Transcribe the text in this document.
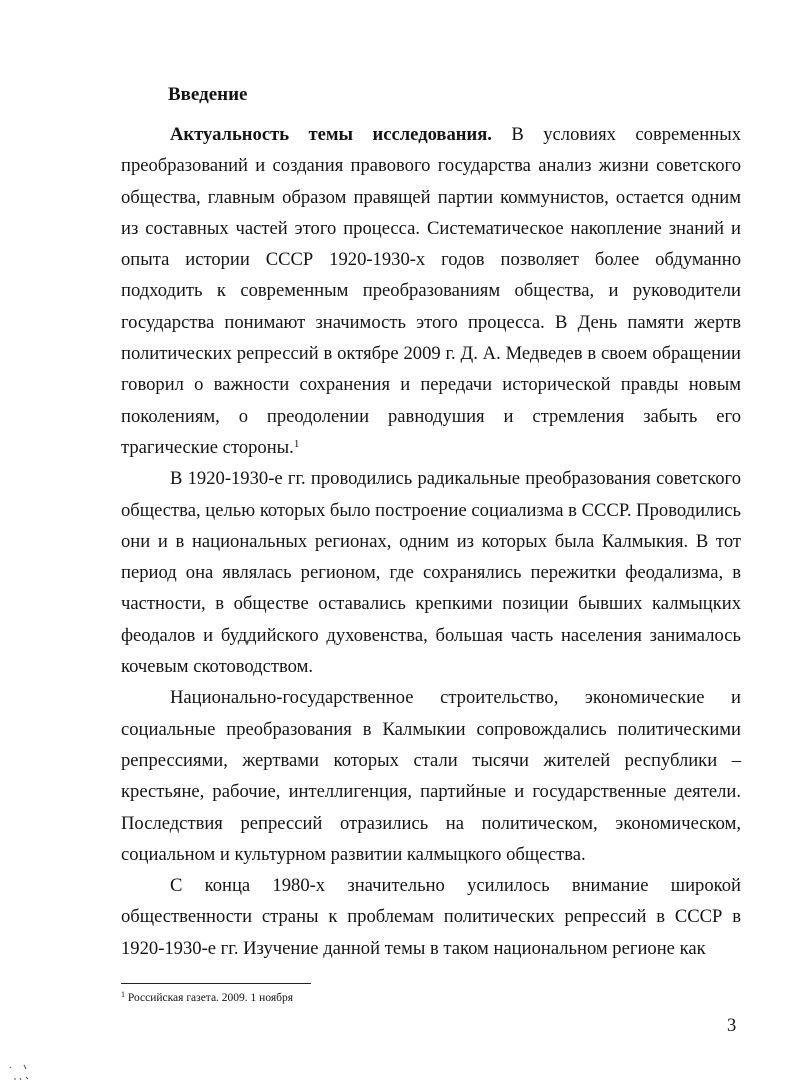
Введение

Актуальность темы исследования. В условиях современных преобразований и создания правового государства анализ жизни советского общества, главным образом правящей партии коммунистов, остается одним из составных частей этого процесса. Систематическое накопление знаний и опыта истории СССР 1920-1930-х годов позволяет более обдуманно подходить к современным преобразованиям общества, и руководители государства понимают значимость этого процесса. В День памяти жертв политических репрессий в октябре 2009 г. Д. А. Медведев в своем обращении говорил о важности сохранения и передачи исторической правды новым поколениям, о преодолении равнодушия и стремления забыть его трагические стороны.$^1$

В 1920-1930-е гг. проводились радикальные преобразования советского общества, целью которых было построение социализма в СССР. Проводились они и в национальных регионах, одним из которых была Калмыкия. В тот период она являлась регионом, где сохранялись пережитки феодализма, в частности, в обществе оставались крепкими позиции бывших калмыцких феодалов и буддийского духовенства, большая часть населения занималось кочевым скотоводством.

Национально-государственное строительство, экономические и социальные преобразования в Калмыкии сопровождались политическими репрессиями, жертвами которых стали тысячи жителей республики – крестьяне, рабочие, интеллигенция, партийные и государственные деятели. Последствия репрессий отразились на политическом, экономическом, социальном и культурном развитии калмыцкого общества.

С конца 1980-х значительно усилилось внимание широкой общественности страны к проблемам политических репрессий в СССР в 1920-1930-е гг. Изучение данной темы в таком национальном регионе как

$^1$ Российская газета. 2009. 1 ноября
3
